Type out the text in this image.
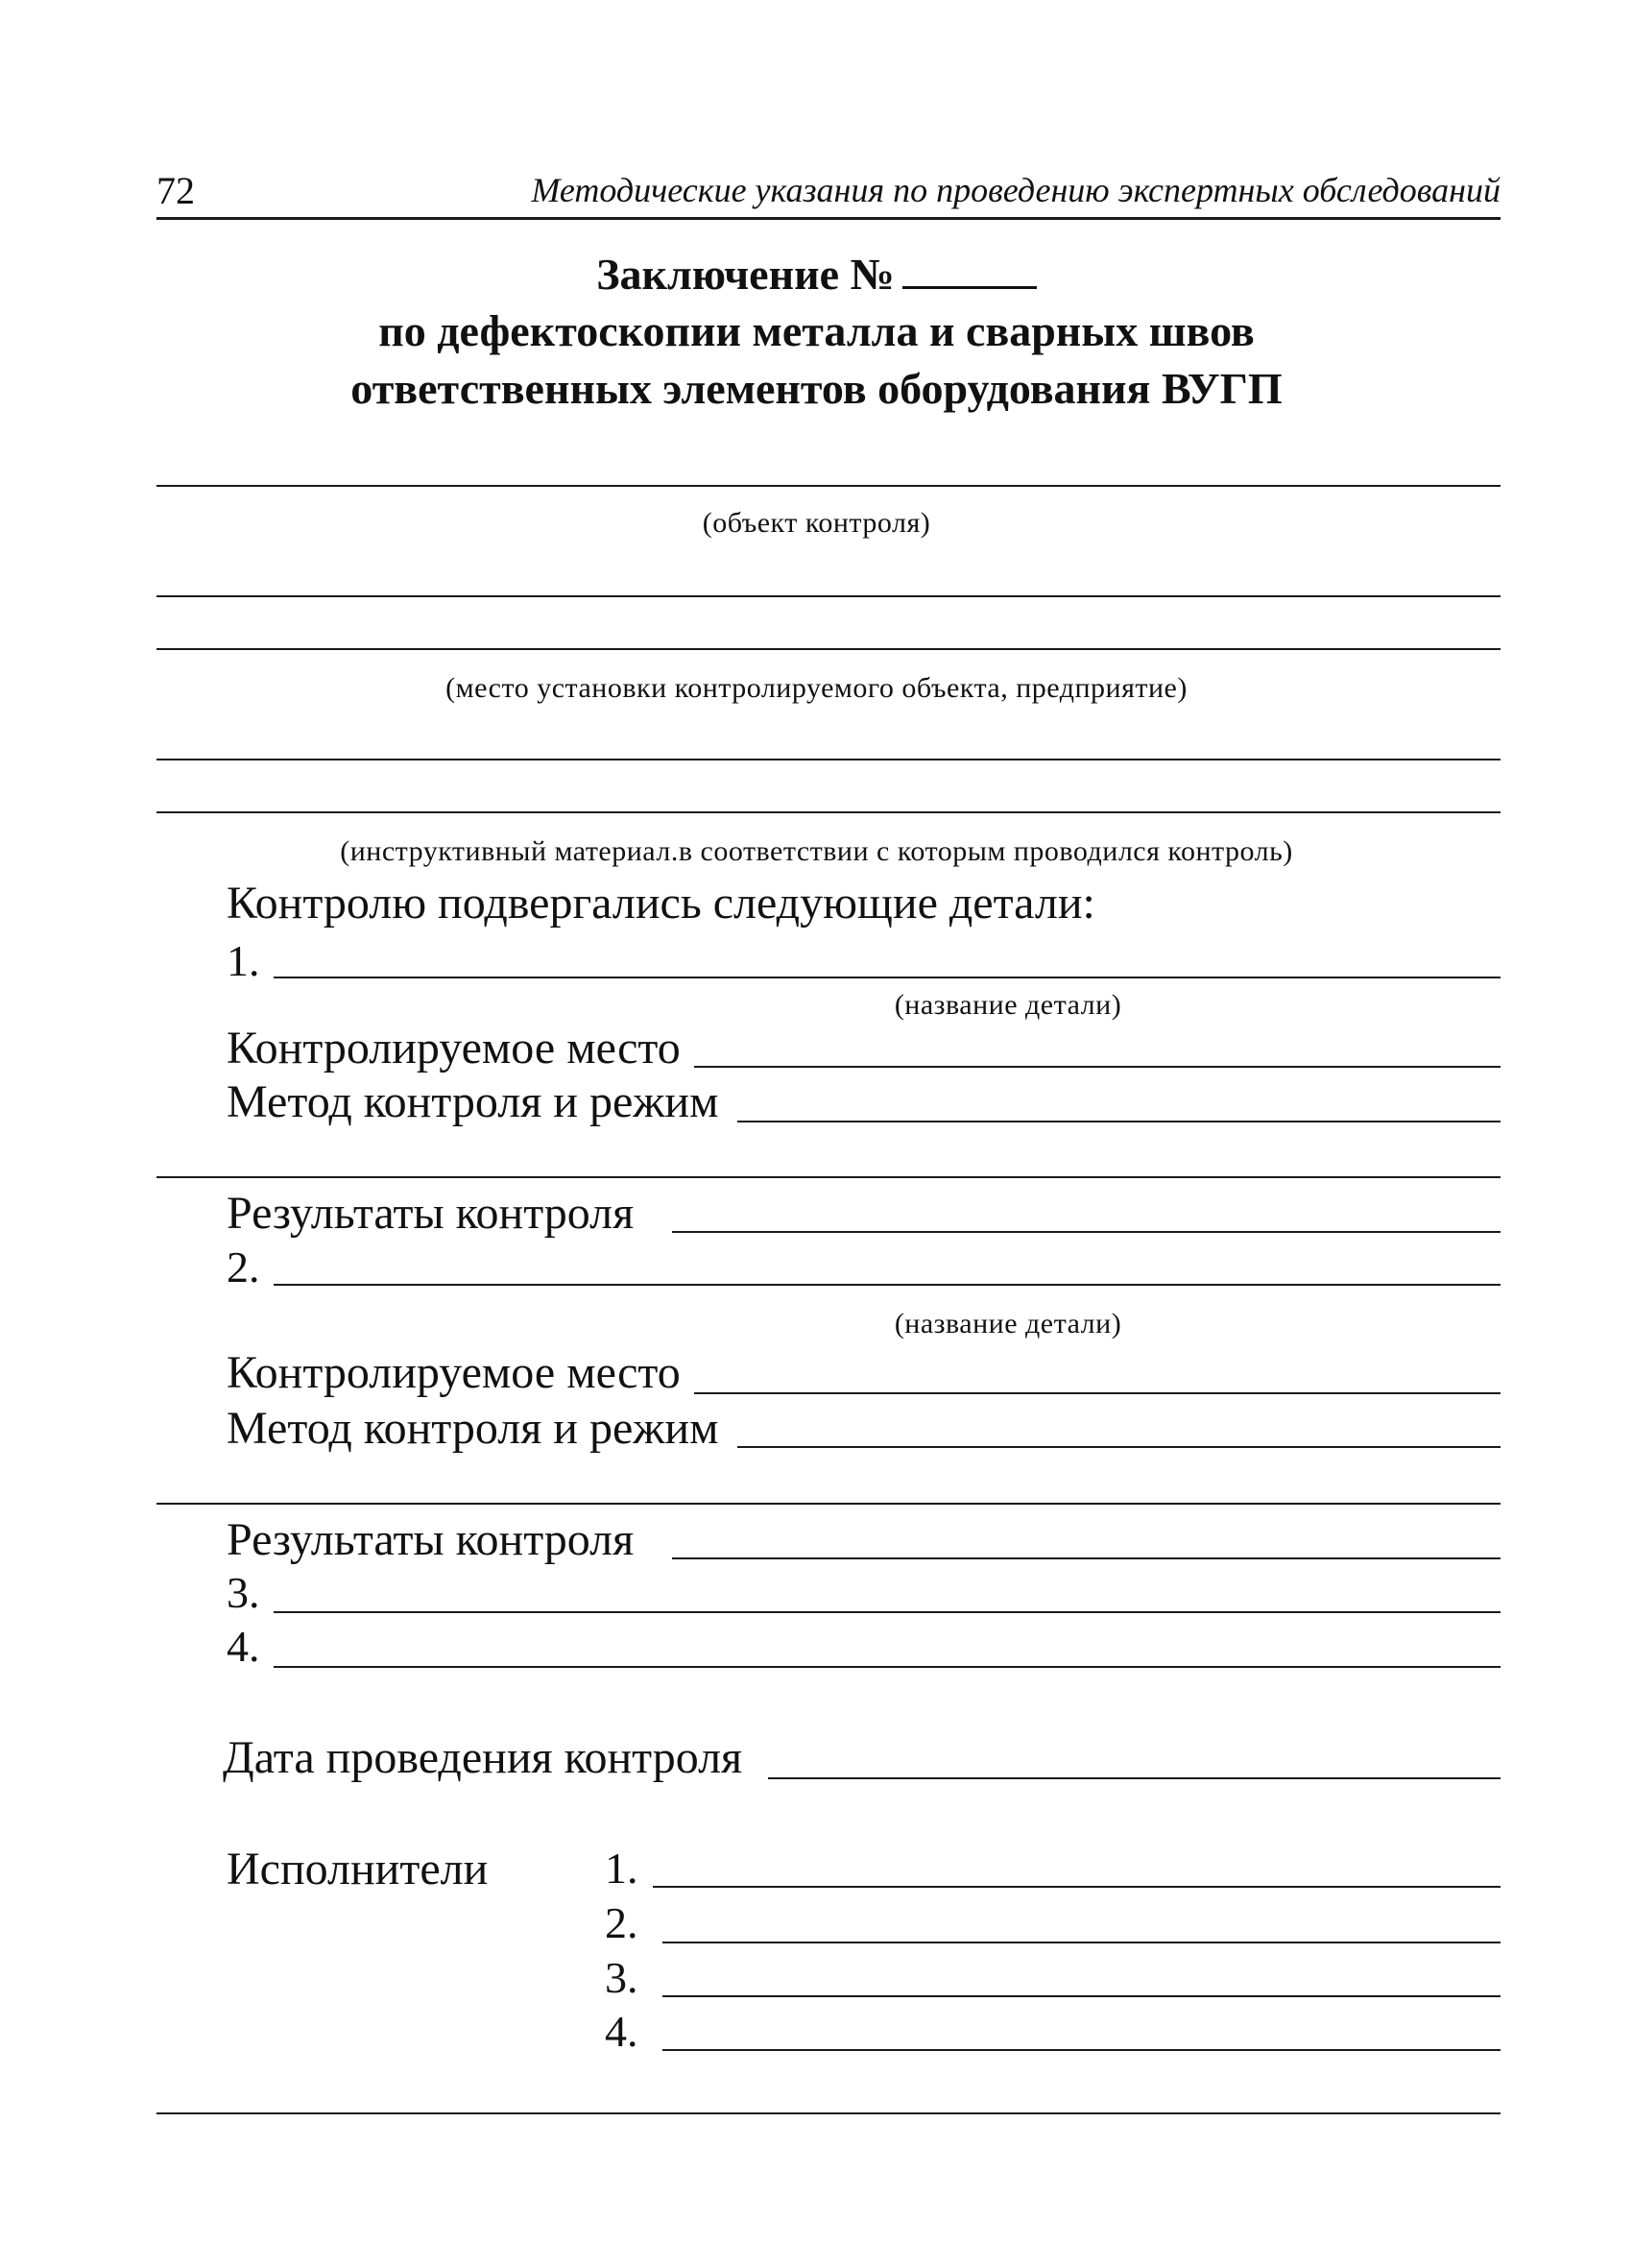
72	Методические указания по проведению экспертных обследований
Заключение №
по дефектоскопии металла и сварных швов
ответственных элементов оборудования ВУГП
(объект контроля)
(место установки контролируемого объекта, предприятие)
(инструктивный материал.в соответствии с которым проводился контроль)
Контролю подвергались следующие детали:
1.
(название детали)
Контролируемое место
Метод контроля и режим
Результаты контроля
2.
(название детали)
Контролируемое место
Метод контроля и режим
Результаты контроля
3.
4.
Дата проведения контроля
Исполнители	1.
2.
3.
4.
